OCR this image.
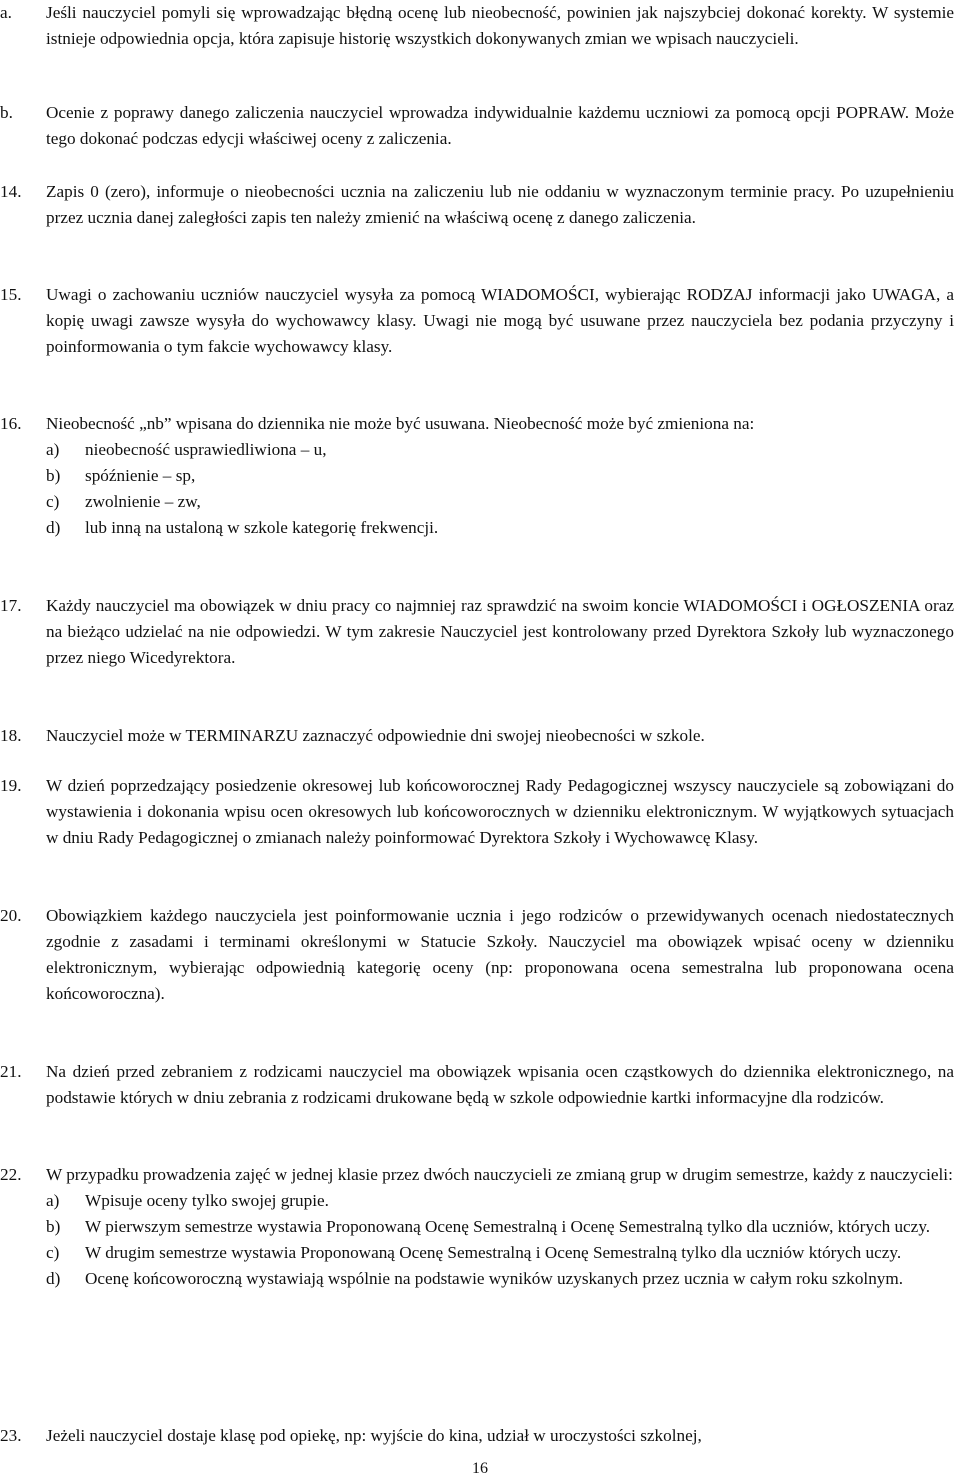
a.	Jeśli nauczyciel pomyli się wprowadzając błędną ocenę lub nieobecność, powinien jak najszybciej dokonać korekty. W systemie istnieje odpowiednia opcja, która zapisuje historię wszystkich dokonywanych zmian we wpisach nauczycieli.
b.	Ocenie z poprawy danego zaliczenia nauczyciel wprowadza indywidualnie każdemu uczniowi za pomocą opcji POPRAW. Może tego dokonać podczas edycji właściwej oceny z zaliczenia.
14.	Zapis 0 (zero), informuje o nieobecności ucznia na zaliczeniu lub nie oddaniu w wyznaczonym terminie pracy. Po uzupełnieniu przez ucznia danej zaległości zapis ten należy zmienić na właściwą ocenę z danego zaliczenia.
15.	Uwagi o zachowaniu uczniów nauczyciel wysyła za pomocą WIADOMOŚCI, wybierając RODZAJ informacji jako UWAGA, a kopię uwagi zawsze wysyła do wychowawcy klasy. Uwagi nie mogą być usuwane przez nauczyciela bez podania przyczyny i poinformowania o tym fakcie wychowawcy klasy.
16.	Nieobecność „nb” wpisana do dziennika nie może być usuwana. Nieobecność może być zmieniona na:
a) nieobecność usprawiedliwiona – u,
b) spóźnienie – sp,
c) zwolnienie – zw,
d) lub inną na ustaloną w szkole kategorię frekwencji.
17.	Każdy nauczyciel ma obowiązek w dniu pracy co najmniej raz sprawdzić na swoim koncie WIADOMOŚCI i OGŁOSZENIA oraz na bieżąco udzielać na nie odpowiedzi. W tym zakresie Nauczyciel jest kontrolowany przed Dyrektora Szkoły lub wyznaczonego przez niego Wicedyrektora.
18.	Nauczyciel może w TERMINARZU zaznaczyć odpowiednie dni swojej nieobecności w szkole.
19.	W dzień poprzedzający posiedzenie okresowej lub końcoworocznej Rady Pedagogicznej wszyscy nauczyciele są zobowiązani do wystawienia i dokonania wpisu ocen okresowych lub końcoworocznych w dzienniku elektronicznym. W wyjątkowych sytuacjach w dniu Rady Pedagogicznej o zmianach należy poinformować Dyrektora Szkoły i Wychowawcę Klasy.
20.	Obowiązkiem każdego nauczyciela jest poinformowanie ucznia i jego rodziców o przewidywanych ocenach niedostatecznych zgodnie z zasadami i terminami określonymi w Statucie Szkoły. Nauczyciel ma obowiązek wpisać oceny w dzienniku elektronicznym, wybierając odpowiednią kategorię oceny (np: proponowana ocena semestralna lub proponowana ocena końcoworoczna).
21.	Na dzień przed zebraniem z rodzicami nauczyciel ma obowiązek wpisania ocen cząstkowych do dziennika elektronicznego, na podstawie których w dniu zebrania z rodzicami drukowane będą w szkole odpowiednie kartki informacyjne dla rodziców.
22.	W przypadku prowadzenia zajęć w jednej klasie przez dwóch nauczycieli ze zmianą grup w drugim semestrze, każdy z nauczycieli:
a) Wpisuje oceny tylko swojej grupie.
b) W pierwszym semestrze wystawia Proponowaną Ocenę Semestralną i Ocenę Semestralną tylko dla uczniów, których uczy.
c) W drugim semestrze wystawia Proponowaną Ocenę Semestralną i Ocenę Semestralną tylko dla uczniów których uczy.
d) Ocenę końcoworoczną wystawiają wspólnie na podstawie wyników uzyskanych przez ucznia w całym roku szkolnym.
23.	Jeżeli nauczyciel dostaje klasę pod opiekę, np: wyjście do kina, udział w uroczystości szkolnej,
16
